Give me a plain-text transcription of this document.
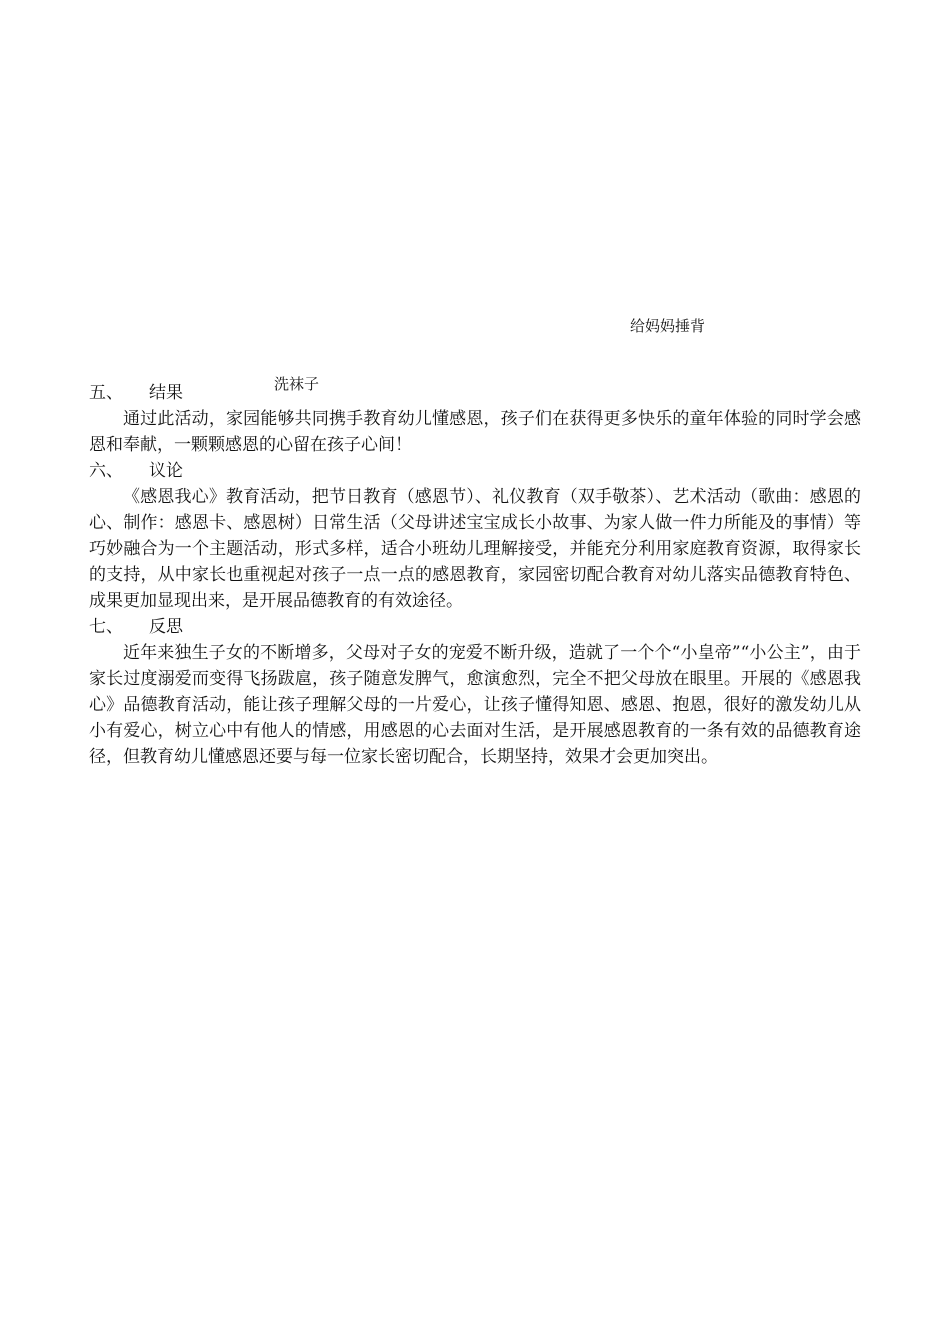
给妈妈捶背
洗袜子
五、	结果

通过此活动，家园能够共同携手教育幼儿懂感恩，孩子们在获得更多快乐的童年体验的同时学会感恩和奉献，一颗颗感恩的心留在孩子心间！

六、	议论

《感恩我心》教育活动，把节日教育（感恩节）、礼仪教育（双手敬茶）、艺术活动（歌曲：感恩的心、制作：感恩卡、感恩树）日常生活（父母讲述宝宝成长小故事、为家人做一件力所能及的事情）等巧妙融合为一个主题活动，形式多样，适合小班幼儿理解接受，并能充分利用家庭教育资源，取得家长的支持，从中家长也重视起对孩子一点一点的感恩教育，家园密切配合教育对幼儿落实品德教育特色、成果更加显现出来，是开展品德教育的有效途径。

七、	反思

近年来独生子女的不断增多，父母对子女的宠爱不断升级，造就了一个个“小皇帝”“小公主”，由于家长过度溺爱而变得飞扬跋扈，孩子随意发脾气，愈演愈烈，完全不把父母放在眼里。开展的《感恩我心》品德教育活动，能让孩子理解父母的一片爱心，让孩子懂得知恩、感恩、抱恩，很好的激发幼儿从小有爱心，树立心中有他人的情感，用感恩的心去面对生活，是开展感恩教育的一条有效的品德教育途径，但教育幼儿懂感恩还要与每一位家长密切配合，长期坚持，效果才会更加突出。
